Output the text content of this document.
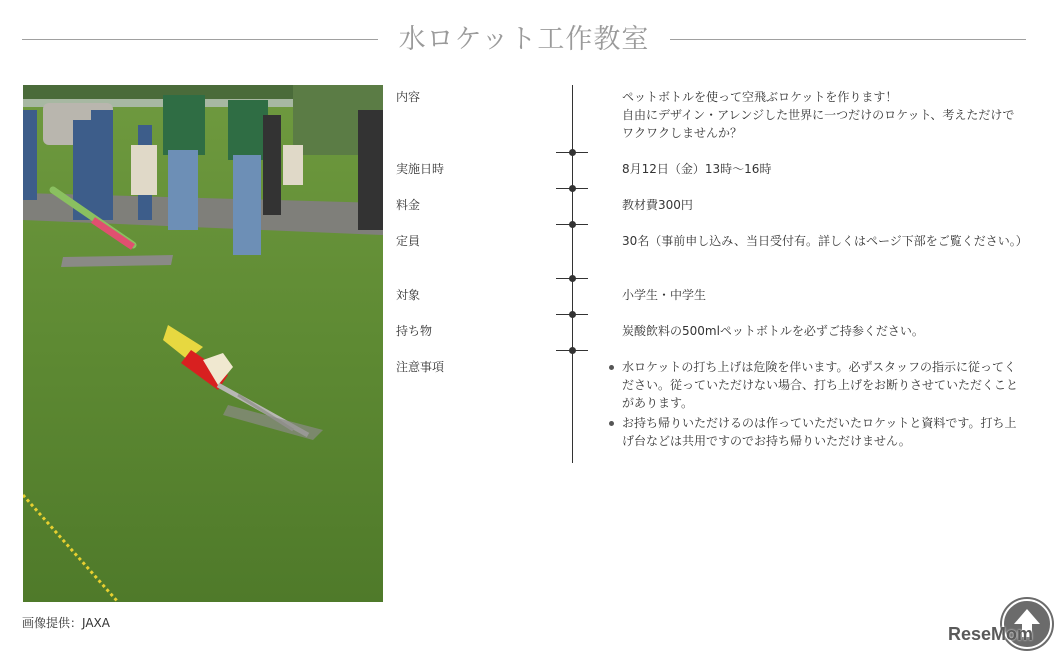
水ロケット工作教室
画像提供：JAXA
内容	ペットボトルを使って空飛ぶロケットを作ります！

自由にデザイン・アレンジした世界に一つだけのロケット、考えただけでワクワクしませんか？

実施日時	8月12日（金）13時〜16時

料金	教材費300円

定員	30名（事前申し込み、当日受付有。詳しくはページ下部をご覧ください。）

対象	小学生・中学生

持ち物	炭酸飲料の500mlペットボトルを必ずご持参ください。

注意事項	水ロケットの打ち上げは危険を伴います。必ずスタッフの指示に従ってください。従っていただけない場合、打ち上げをお断りさせていただくことがあります。
お持ち帰りいただけるのは作っていただいたロケットと資料です。打ち上げ台などは共用ですのでお持ち帰りいただけません。
ReseMom
